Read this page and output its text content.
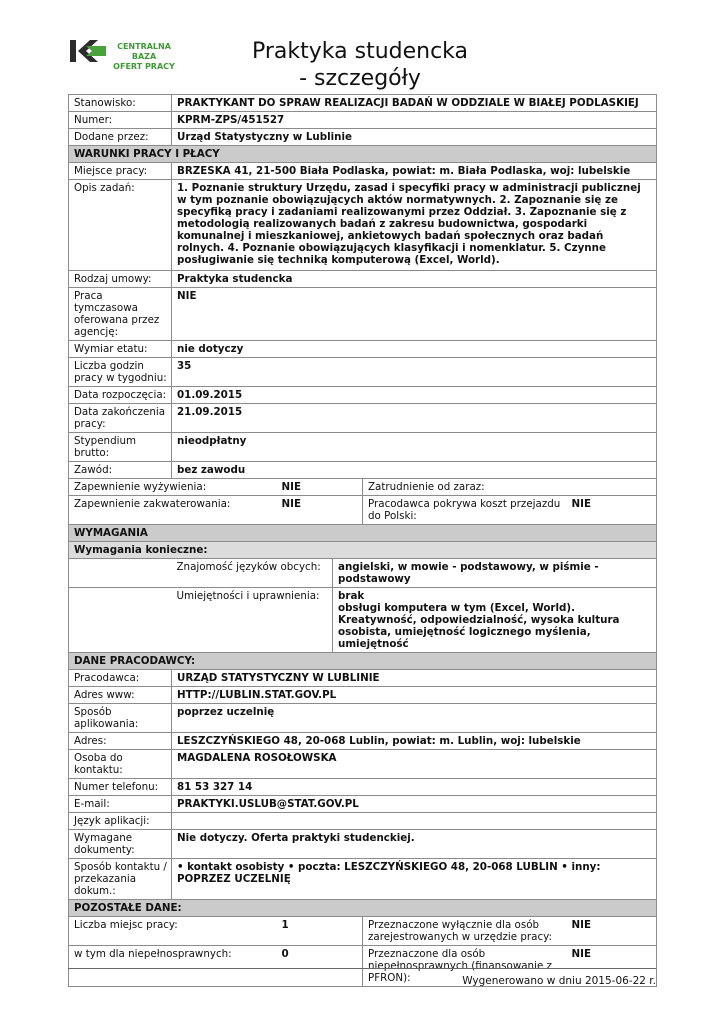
CENTRALNA BAZA
OFERT PRACY
Praktyka studencka
- szczegóły
Stanowisko:	PRAKTYKANT DO SPRAW REALIZACJI BADAŃ W ODDZIALE W BIAŁEJ PODLASKIEJ				
Numer:	KPRM-ZPS/451527				
Dodane przez:	Urząd Statystyczny w Lublinie				
WARUNKI PRACY I PŁACY					
Miejsce pracy:	BRZESKA 41, 21-500 Biała Podlaska, powiat: m. Biała Podlaska, woj: lubelskie				
Opis zadań:	1. Poznanie struktury Urzędu, zasad i specyfiki pracy w administracji publicznej w tym poznanie obowiązujących aktów normatywnych. 2. Zapoznanie się ze specyfiką pracy i zadaniami realizowanymi przez Oddział. 3. Zapoznanie się z metodologią realizowanych badań z zakresu budownictwa, gospodarki komunalnej i mieszkaniowej, ankietowych badań społecznych oraz badań rolnych. 4. Poznanie obowiązujących klasyfikacji i nomenklatur. 5. Czynne posługiwanie się techniką komputerową (Excel, World).				
Rodzaj umowy:	Praktyka studencka				
Praca tymczasowa oferowana przez agencję:	NIE				
Wymiar etatu:	nie dotyczy				
Liczba godzin pracy w tygodniu:	35				
Data rozpoczęcia:	01.09.2015				
Data zakończenia pracy:	21.09.2015				
Stypendium brutto:	nieodpłatny				
Zawód:	bez zawodu				
Zapewnienie wyżywienia:		NIE		Zatrudnienie od zaraz:	
Zapewnienie zakwaterowania:		NIE		Pracodawca pokrywa koszt przejazdu do Polski:	NIE
WYMAGANIA					
Wymagania konieczne:					
	Znajomość języków obcych:		angielski, w mowie - podstawowy, w piśmie - podstawowy		
	Umiejętności i uprawnienia:		brak
obsługi komputera w tym (Excel, World).
Kreatywność, odpowiedzialność, wysoka kultura osobista, umiejętność logicznego myślenia, umiejętność		

DANE PRACODAWCY:					
Pracodawca:	URZĄD STATYSTYCZNY W LUBLINIE				
Adres www:	HTTP://LUBLIN.STAT.GOV.PL				
Sposób aplikowania:	poprzez uczelnię				
Adres:	LESZCZYŃSKIEGO 48, 20-068 Lublin, powiat: m. Lublin, woj: lubelskie				
Osoba do kontaktu:	MAGDALENA ROSOŁOWSKA				
Numer telefonu:	81 53 327 14				
E-mail:	PRAKTYKI.USLUB@STAT.GOV.PL				
Język aplikacji:					
Wymagane dokumenty:	Nie dotyczy. Oferta praktyki studenckiej.				
Sposób kontaktu / przekazania dokum.:	• kontakt osobisty • poczta: LESZCZYŃSKIEGO 48, 20-068 LUBLIN • inny: POPRZEZ UCZELNIĘ				
POZOSTAŁE DANE:					
Liczba miejsc pracy:		1		Przeznaczone wyłącznie dla osób zarejestrowanych w urzędzie pracy:	NIE
w tym dla niepełnosprawnych:		0		Przeznaczone dla osób niepełnosprawnych (finansowanie z PFRON):	NIE
Wygenerowano w dniu 2015-06-22 r.
